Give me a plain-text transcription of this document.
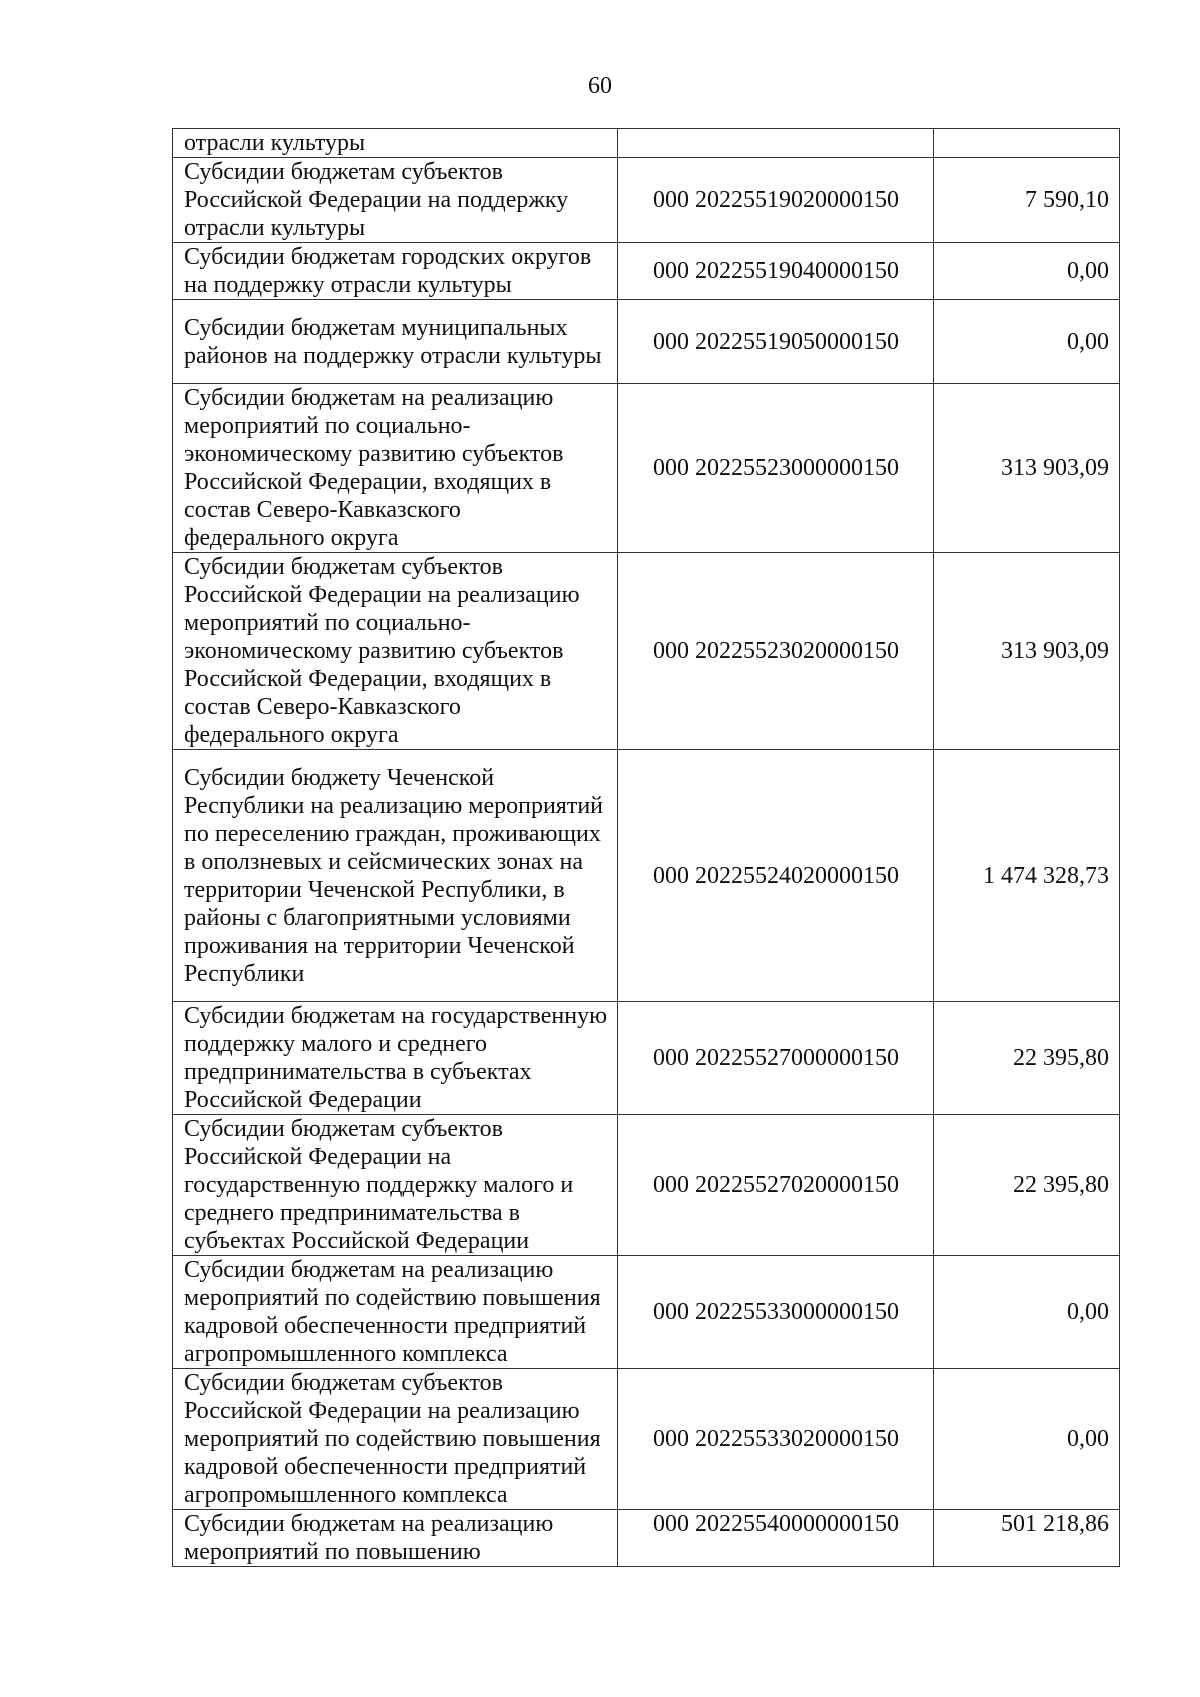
60
отрасли культуры		
Субсидии бюджетам субъектов Российской Федерации на поддержку отрасли культуры	000 20225519020000150	7 590,10
Субсидии бюджетам городских округов на поддержку отрасли культуры	000 20225519040000150	0,00
Субсидии бюджетам муниципальных районов на поддержку отрасли культуры	000 20225519050000150	0,00
Субсидии бюджетам на реализацию мероприятий по социально-экономическому развитию субъектов Российской Федерации, входящих в состав Северо-Кавказского федерального округа	000 20225523000000150	313 903,09
Субсидии бюджетам субъектов Российской Федерации на реализацию мероприятий по социально-экономическому развитию субъектов Российской Федерации, входящих в состав Северо-Кавказского федерального округа	000 20225523020000150	313 903,09
Субсидии бюджету Чеченской Республики на реализацию мероприятий по переселению граждан, проживающих в оползневых и сейсмических зонах на территории Чеченской Республики, в районы с благоприятными условиями проживания на территории Чеченской Республики	000 20225524020000150	1 474 328,73
Субсидии бюджетам на государственную поддержку малого и среднего предпринимательства в субъектах Российской Федерации	000 20225527000000150	22 395,80
Субсидии бюджетам субъектов Российской Федерации на государственную поддержку малого и среднего предпринимательства в субъектах Российской Федерации	000 20225527020000150	22 395,80
Субсидии бюджетам на реализацию мероприятий по содействию повышения кадровой обеспеченности предприятий агропромышленного комплекса	000 20225533000000150	0,00
Субсидии бюджетам субъектов Российской Федерации на реализацию мероприятий по содействию повышения кадровой обеспеченности предприятий агропромышленного комплекса	000 20225533020000150	0,00
Субсидии бюджетам на реализацию мероприятий по повышению	000 20225540000000150	501 218,86
